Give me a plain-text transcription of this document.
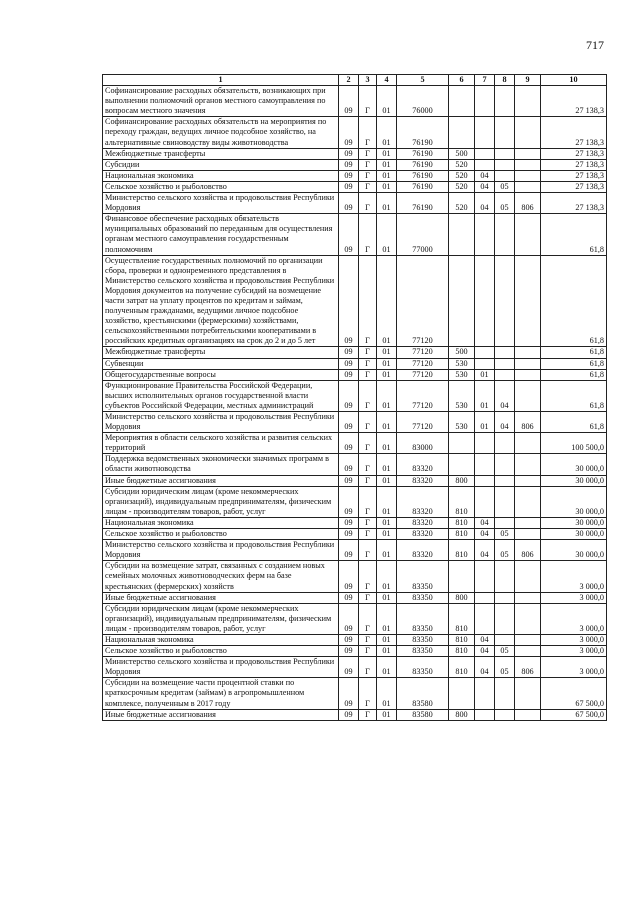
717
1	2	3	4	5	6	7	8	9	10
Софинансирование расходных обязательств, возникающих при выполнении полномочий органов местного самоуправления по вопросам местного значения	09	Г	01	76000					27 138,3
Софинансирование расходных обязательств на мероприятия по переходу граждан, ведущих личное подсобное хозяйство, на альтернативные свиноводству виды животноводства	09	Г	01	76190					27 138,3
Межбюджетные трансферты	09	Г	01	76190	500				27 138,3
Субсидии	09	Г	01	76190	520				27 138,3
Национальная экономика	09	Г	01	76190	520	04			27 138,3
Сельское хозяйство и рыболовство	09	Г	01	76190	520	04	05		27 138,3
Министерство сельского хозяйства и продовольствия Республики Мордовия	09	Г	01	76190	520	04	05	806	27 138,3
Финансовое обеспечение расходных обязательств муниципальных образований по переданным для осуществления органам местного самоуправления государственным полномочиям	09	Г	01	77000					61,8
Осуществление государственных полномочий по организации сбора, проверки и однонременного представления в Министерство сельского хозяйства и продовольствия Республики Мордовия документов на получение субсидий на возмещение части затрат на уплату процентов по кредитам и займам, полученным гражданами, ведущими личное подсобное хозяйство, крестьянскими (фермерскими) хозяйствами, сельскохозяйственными потребительскими кооперативами в российских кредитных организациях на срок до 2 и до 5 лет	09	Г	01	77120					61,8
Межбюджетные трансферты	09	Г	01	77120	500				61,8
Субвенции	09	Г	01	77120	530				61,8
Общегосударственные вопросы	09	Г	01	77120	530	01			61,8
Функционирование Правительства Российской Федерации, высших исполнительных органов государственной власти субъектов Российской Федерации, местных администраций	09	Г	01	77120	530	01	04		61,8
Министерство сельского хозяйства и продовольствия Республики Мордовия	09	Г	01	77120	530	01	04	806	61,8
Мероприятия в области сельского хозяйства и развития сельских территорий	09	Г	01	83000					100 500,0
Поддержка ведомственных экономически значимых программ в области животноводства	09	Г	01	83320					30 000,0
Иные бюджетные ассигнования	09	Г	01	83320	800				30 000,0
Субсидии юридическим лицам (кроме некоммерческих организаций), индивидуальным предпринимателям, физическим лицам - производителям товаров, работ, услуг	09	Г	01	83320	810				30 000,0
Национальная экономика	09	Г	01	83320	810	04			30 000,0
Сельское хозяйство и рыболовство	09	Г	01	83320	810	04	05		30 000,0
Министерство сельского хозяйства и продовольствия Республики Мордовия	09	Г	01	83320	810	04	05	806	30 000,0
Субсидии на возмещение затрат, связанных с созданием новых семейных молочных животноводческих ферм на базе крестьянских (фермерских) хозяйств	09	Г	01	83350					3 000,0
Иные бюджетные ассигнования	09	Г	01	83350	800				3 000,0
Субсидии юридическим лицам (кроме некоммерческих организаций), индивидуальным предпринимателям, физическим лицам - производителям товаров, работ, услуг	09	Г	01	83350	810				3 000,0
Национальная экономика	09	Г	01	83350	810	04			3 000,0
Сельское хозяйство и рыболовство	09	Г	01	83350	810	04	05		3 000,0
Министерство сельского хозяйства и продовольствия Республики Мордовия	09	Г	01	83350	810	04	05	806	3 000,0
Субсидии на возмещение части процентной ставки по краткосрочным кредитам (займам) в агропромышленном комплексе, полученным в 2017 году	09	Г	01	83580					67 500,0
Иные бюджетные ассигнования	09	Г	01	83580	800				67 500,0
